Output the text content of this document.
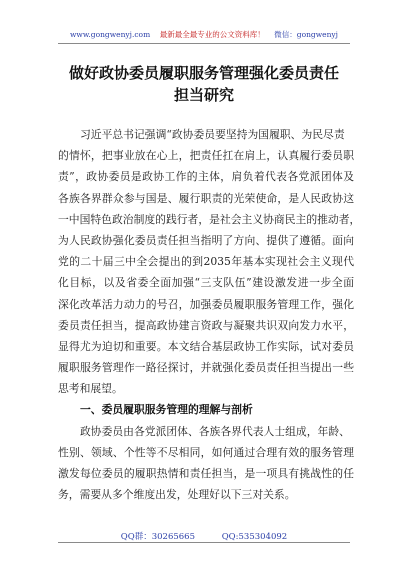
www.gongwenyj.com 最新最全最专业的公文资料库！ 微信：gongwenyj
做好政协委员履职服务管理强化委员责任
担当研究
习近平总书记强调“政协委员要坚持为国履职、为民尽责
的情怀，把事业放在心上，把责任扛在肩上，认真履行委员职
责”，政协委员是政协工作的主体，肩负着代表各党派团体及
各族各界群众参与国是、履行职责的光荣使命，是人民政协这
一中国特色政治制度的践行者，是社会主义协商民主的推动者，
为人民政协强化委员责任担当指明了方向、提供了遵循。面向
党的二十届三中全会提出的到2035年基本实现社会主义现代
化目标，以及省委全面加强“三支队伍”建设激发进一步全面
深化改革活力动力的号召，加强委员履职服务管理工作，强化
委员责任担当，提高政协建言资政与凝聚共识双向发力水平，
显得尤为迫切和重要。本文结合基层政协工作实际，试对委员
履职服务管理作一路径探讨，并就强化委员责任担当提出一些
思考和展望。
一、委员履职服务管理的理解与剖析
政协委员由各党派团体、各族各界代表人士组成，年龄、
性别、领域、个性等不尽相同，如何通过合理有效的服务管理
激发每位委员的履职热情和责任担当，是一项具有挑战性的任
务，需要从多个维度出发，处理好以下三对关系。
QQ群：30265665	QQ:535304092
